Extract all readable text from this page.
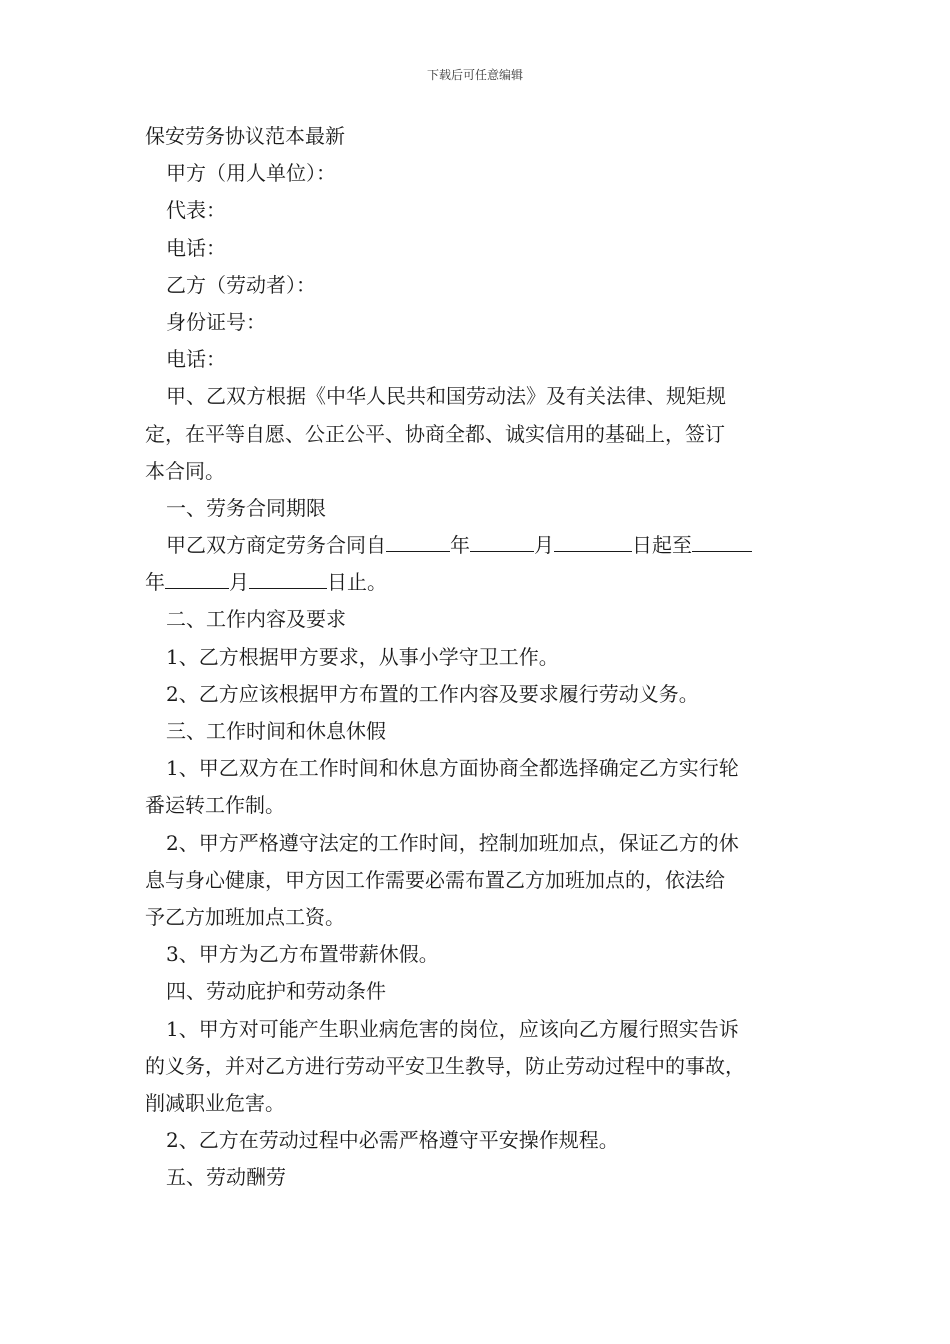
下载后可任意编辑
保安劳务协议范本最新
甲方（用人单位）：
代表：
电话：
乙方（劳动者）：
身份证号：
电话：
甲、乙双方根据《中华人民共和国劳动法》及有关法律、规矩规
定，在平等自愿、公正公平、协商全都、诚实信用的基础上，签订
本合同。
一、劳务合同期限
甲乙双方商定劳务合同自	年	月	日起至
年	月	日止。
二、工作内容及要求
1、乙方根据甲方要求，从事小学守卫工作。
2、乙方应该根据甲方布置的工作内容及要求履行劳动义务。
三、工作时间和休息休假
1、甲乙双方在工作时间和休息方面协商全都选择确定乙方实行轮
番运转工作制。
2、甲方严格遵守法定的工作时间，控制加班加点，保证乙方的休
息与身心健康，甲方因工作需要必需布置乙方加班加点的，依法给
予乙方加班加点工资。
3、甲方为乙方布置带薪休假。
四、劳动庇护和劳动条件
1、甲方对可能产生职业病危害的岗位，应该向乙方履行照实告诉
的义务，并对乙方进行劳动平安卫生教导，防止劳动过程中的事故，
削减职业危害。
2、乙方在劳动过程中必需严格遵守平安操作规程。
五、劳动酬劳
